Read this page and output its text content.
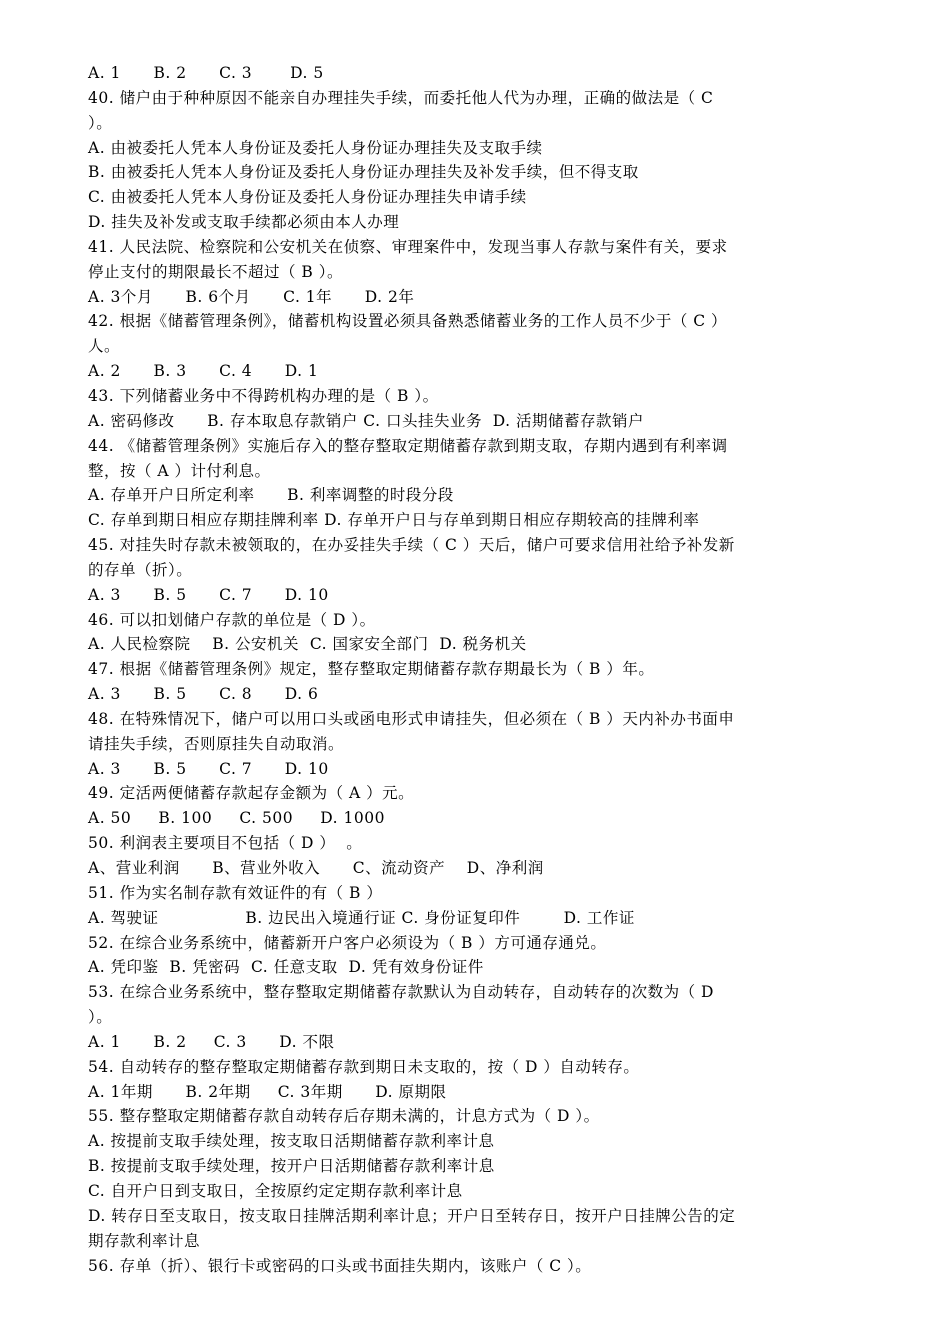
A. 1      B. 2      C. 3       D. 5
40. 储户由于种种原因不能亲自办理挂失手续，而委托他人代为办理，正确的做法是（ C
）。
A. 由被委托人凭本人身份证及委托人身份证办理挂失及支取手续
B. 由被委托人凭本人身份证及委托人身份证办理挂失及补发手续，但不得支取
C. 由被委托人凭本人身份证及委托人身份证办理挂失申请手续
D. 挂失及补发或支取手续都必须由本人办理
41. 人民法院、检察院和公安机关在侦察、审理案件中，发现当事人存款与案件有关，要求
停止支付的期限最长不超过（ B ）。
A. 3个月      B. 6个月      C. 1年      D. 2年
42. 根据《储蓄管理条例》，储蓄机构设置必须具备熟悉储蓄业务的工作人员不少于（ C ）
人。
A. 2      B. 3      C. 4      D. 1
43. 下列储蓄业务中不得跨机构办理的是（ B ）。
A. 密码修改      B. 存本取息存款销户 C. 口头挂失业务  D. 活期储蓄存款销户
44. 《储蓄管理条例》实施后存入的整存整取定期储蓄存款到期支取，存期内遇到有利率调
整，按（ A ）计付利息。
A. 存单开户日所定利率      B. 利率调整的时段分段
C. 存单到期日相应存期挂牌利率 D. 存单开户日与存单到期日相应存期较高的挂牌利率
45. 对挂失时存款未被领取的，在办妥挂失手续（ C ）天后，储户可要求信用社给予补发新
的存单（折）。
A. 3      B. 5      C. 7      D. 10
46. 可以扣划储户存款的单位是（ D ）。
A. 人民检察院    B. 公安机关  C. 国家安全部门  D. 税务机关
47. 根据《储蓄管理条例》规定，整存整取定期储蓄存款存期最长为（ B ）年。
A. 3      B. 5      C. 8      D. 6
48. 在特殊情况下，储户可以用口头或函电形式申请挂失，但必须在（ B ）天内补办书面申
请挂失手续，否则原挂失自动取消。
A. 3      B. 5      C. 7      D. 10
49. 定活两便储蓄存款起存金额为（ A ）元。
A. 50     B. 100     C. 500     D. 1000
50. 利润表主要项目不包括（ D ）  。
A、营业利润      B、营业外收入      C、流动资产    D、净利润
51. 作为实名制存款有效证件的有（ B ）
A. 驾驶证                B. 边民出入境通行证 C. 身份证复印件        D. 工作证
52. 在综合业务系统中，储蓄新开户客户必须设为（ B ）方可通存通兑。
A. 凭印鉴  B. 凭密码  C. 任意支取  D. 凭有效身份证件
53. 在综合业务系统中，整存整取定期储蓄存款默认为自动转存，自动转存的次数为（ D
）。
A. 1      B. 2     C. 3      D. 不限
54. 自动转存的整存整取定期储蓄存款到期日未支取的，按（ D ）自动转存。
A. 1年期      B. 2年期     C. 3年期      D. 原期限
55. 整存整取定期储蓄存款自动转存后存期未满的，计息方式为（ D ）。
A. 按提前支取手续处理，按支取日活期储蓄存款利率计息
B. 按提前支取手续处理，按开户日活期储蓄存款利率计息
C. 自开户日到支取日，全按原约定定期存款利率计息
D. 转存日至支取日，按支取日挂牌活期利率计息；开户日至转存日，按开户日挂牌公告的定
期存款利率计息
56. 存单（折）、银行卡或密码的口头或书面挂失期内，该账户（ C ）。
